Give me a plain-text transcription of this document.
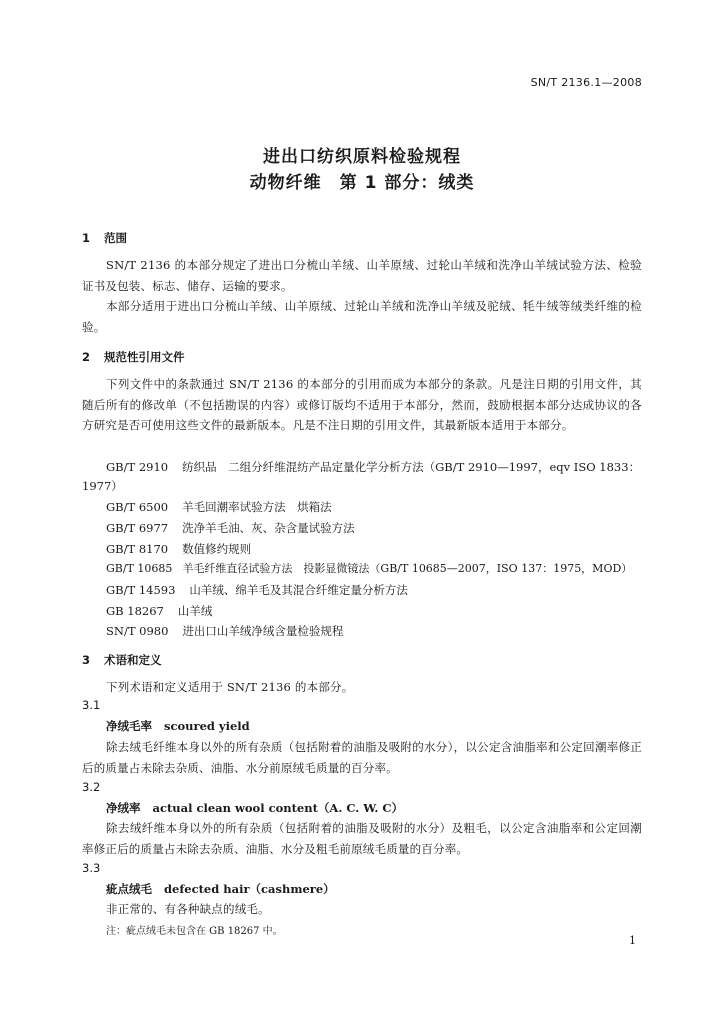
SN/T 2136.1—2008
进出口纺织原料检验规程
动物纤维　第 1 部分：绒类
1 范围
SN/T 2136 的本部分规定了进出口分梳山羊绒、山羊原绒、过轮山羊绒和洗净山羊绒试验方法、检验证书及包装、标志、储存、运输的要求。
本部分适用于进出口分梳山羊绒、山羊原绒、过轮山羊绒和洗净山羊绒及驼绒、牦牛绒等绒类纤维的检验。
2 规范性引用文件
下列文件中的条款通过 SN/T 2136 的本部分的引用而成为本部分的条款。凡是注日期的引用文件，其随后所有的修改单（不包括勘误的内容）或修订版均不适用于本部分，然而，鼓励根据本部分达成协议的各方研究是否可使用这些文件的最新版本。凡是不注日期的引用文件，其最新版本适用于本部分。
GB/T 2910 纺织品　二组分纤维混纺产品定量化学分析方法（GB/T 2910—1997，eqv ISO 1833：
1977）
GB/T 6500 羊毛回潮率试验方法　烘箱法
GB/T 6977 洗净羊毛油、灰、杂含量试验方法
GB/T 8170 数值修约规则
GB/T 10685 羊毛纤维直径试验方法　投影显微镜法（GB/T 10685—2007，ISO 137：1975，MOD）
GB/T 14593 山羊绒、绵羊毛及其混合纤维定量分析方法
GB 18267 山羊绒
SN/T 0980 进出口山羊绒净绒含量检验规程
3 术语和定义
下列术语和定义适用于 SN/T 2136 的本部分。
3.1
净绒毛率 scoured yield
除去绒毛纤维本身以外的所有杂质（包括附着的油脂及吸附的水分），以公定含油脂率和公定回潮率修正后的质量占未除去杂质、油脂、水分前原绒毛质量的百分率。
3.2
净绒率 actual clean wool content（A. C. W. C）
除去绒纤维本身以外的所有杂质（包括附着的油脂及吸附的水分）及粗毛，以公定含油脂率和公定回潮率修正后的质量占未除去杂质、油脂、水分及粗毛前原绒毛质量的百分率。
3.3
疵点绒毛 defected hair（cashmere）
非正常的、有各种缺点的绒毛。
注：疵点绒毛未包含在 GB 18267 中。
1
